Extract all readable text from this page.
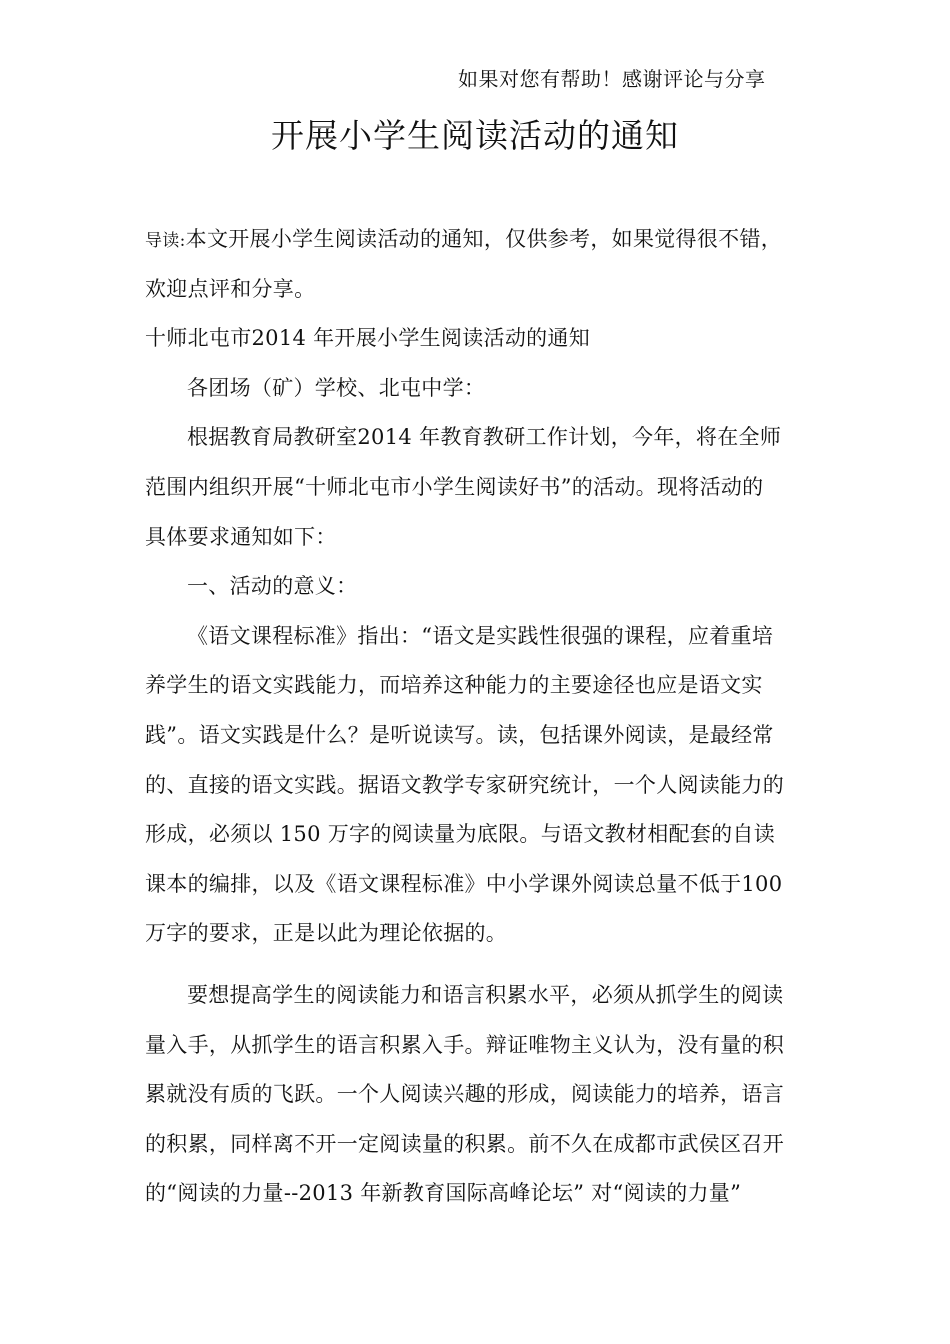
如果对您有帮助！感谢评论与分享
开展小学生阅读活动的通知
导读:本文开展小学生阅读活动的通知，仅供参考，如果觉得很不错，
欢迎点评和分享。
十师北屯市2014 年开展小学生阅读活动的通知
各团场（矿）学校、北屯中学：
根据教育局教研室2014 年教育教研工作计划，今年，将在全师
范围内组织开展“十师北屯市小学生阅读好书”的活动。现将活动的
具体要求通知如下：
一、活动的意义：
《语文课程标准》指出：“语文是实践性很强的课程，应着重培
养学生的语文实践能力，而培养这种能力的主要途径也应是语文实
践”。语文实践是什么？是听说读写。读，包括课外阅读，是最经常
的、直接的语文实践。据语文教学专家研究统计，一个人阅读能力的
形成，必须以 150 万字的阅读量为底限。与语文教材相配套的自读
课本的编排，以及《语文课程标准》中小学课外阅读总量不低于100
万字的要求，正是以此为理论依据的。
要想提高学生的阅读能力和语言积累水平，必须从抓学生的阅读
量入手，从抓学生的语言积累入手。辩证唯物主义认为，没有量的积
累就没有质的飞跃。一个人阅读兴趣的形成，阅读能力的培养，语言
的积累，同样离不开一定阅读量的积累。前不久在成都市武侯区召开
的“阅读的力量--2013 年新教育国际高峰论坛” 对“阅读的力量”
